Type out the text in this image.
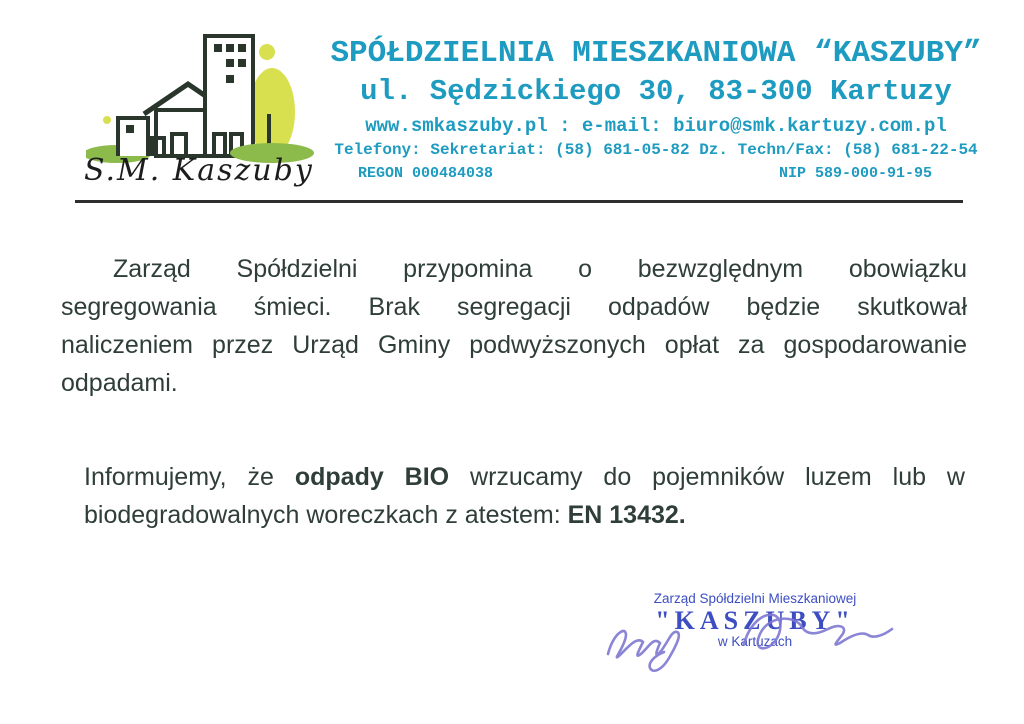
S.M. Kaszuby
SPÓŁDZIELNIA MIESZKANIOWA “KASZUBY”
ul. Sędzickiego 30, 83-300 Kartuzy
www.smkaszuby.pl : e-mail: biuro@smk.kartuzy.com.pl
Telefony: Sekretariat: (58) 681-05-82 Dz. Techn/Fax: (58) 681-22-54
REGON 000484038	NIP 589-000-91-95
Zarząd Spółdzielni przypomina o bezwzględnym obowiązku
segregowania śmieci. Brak segregacji odpadów będzie skutkował
naliczeniem przez Urząd Gminy podwyższonych opłat za gospodarowanie
odpadami.
Informujemy, że odpady BIO wrzucamy do pojemników luzem lub w
biodegradowalnych woreczkach z atestem: EN 13432.
Zarząd Spółdzielni Mieszkaniowej
"KASZUBY"
w Kartuzach
